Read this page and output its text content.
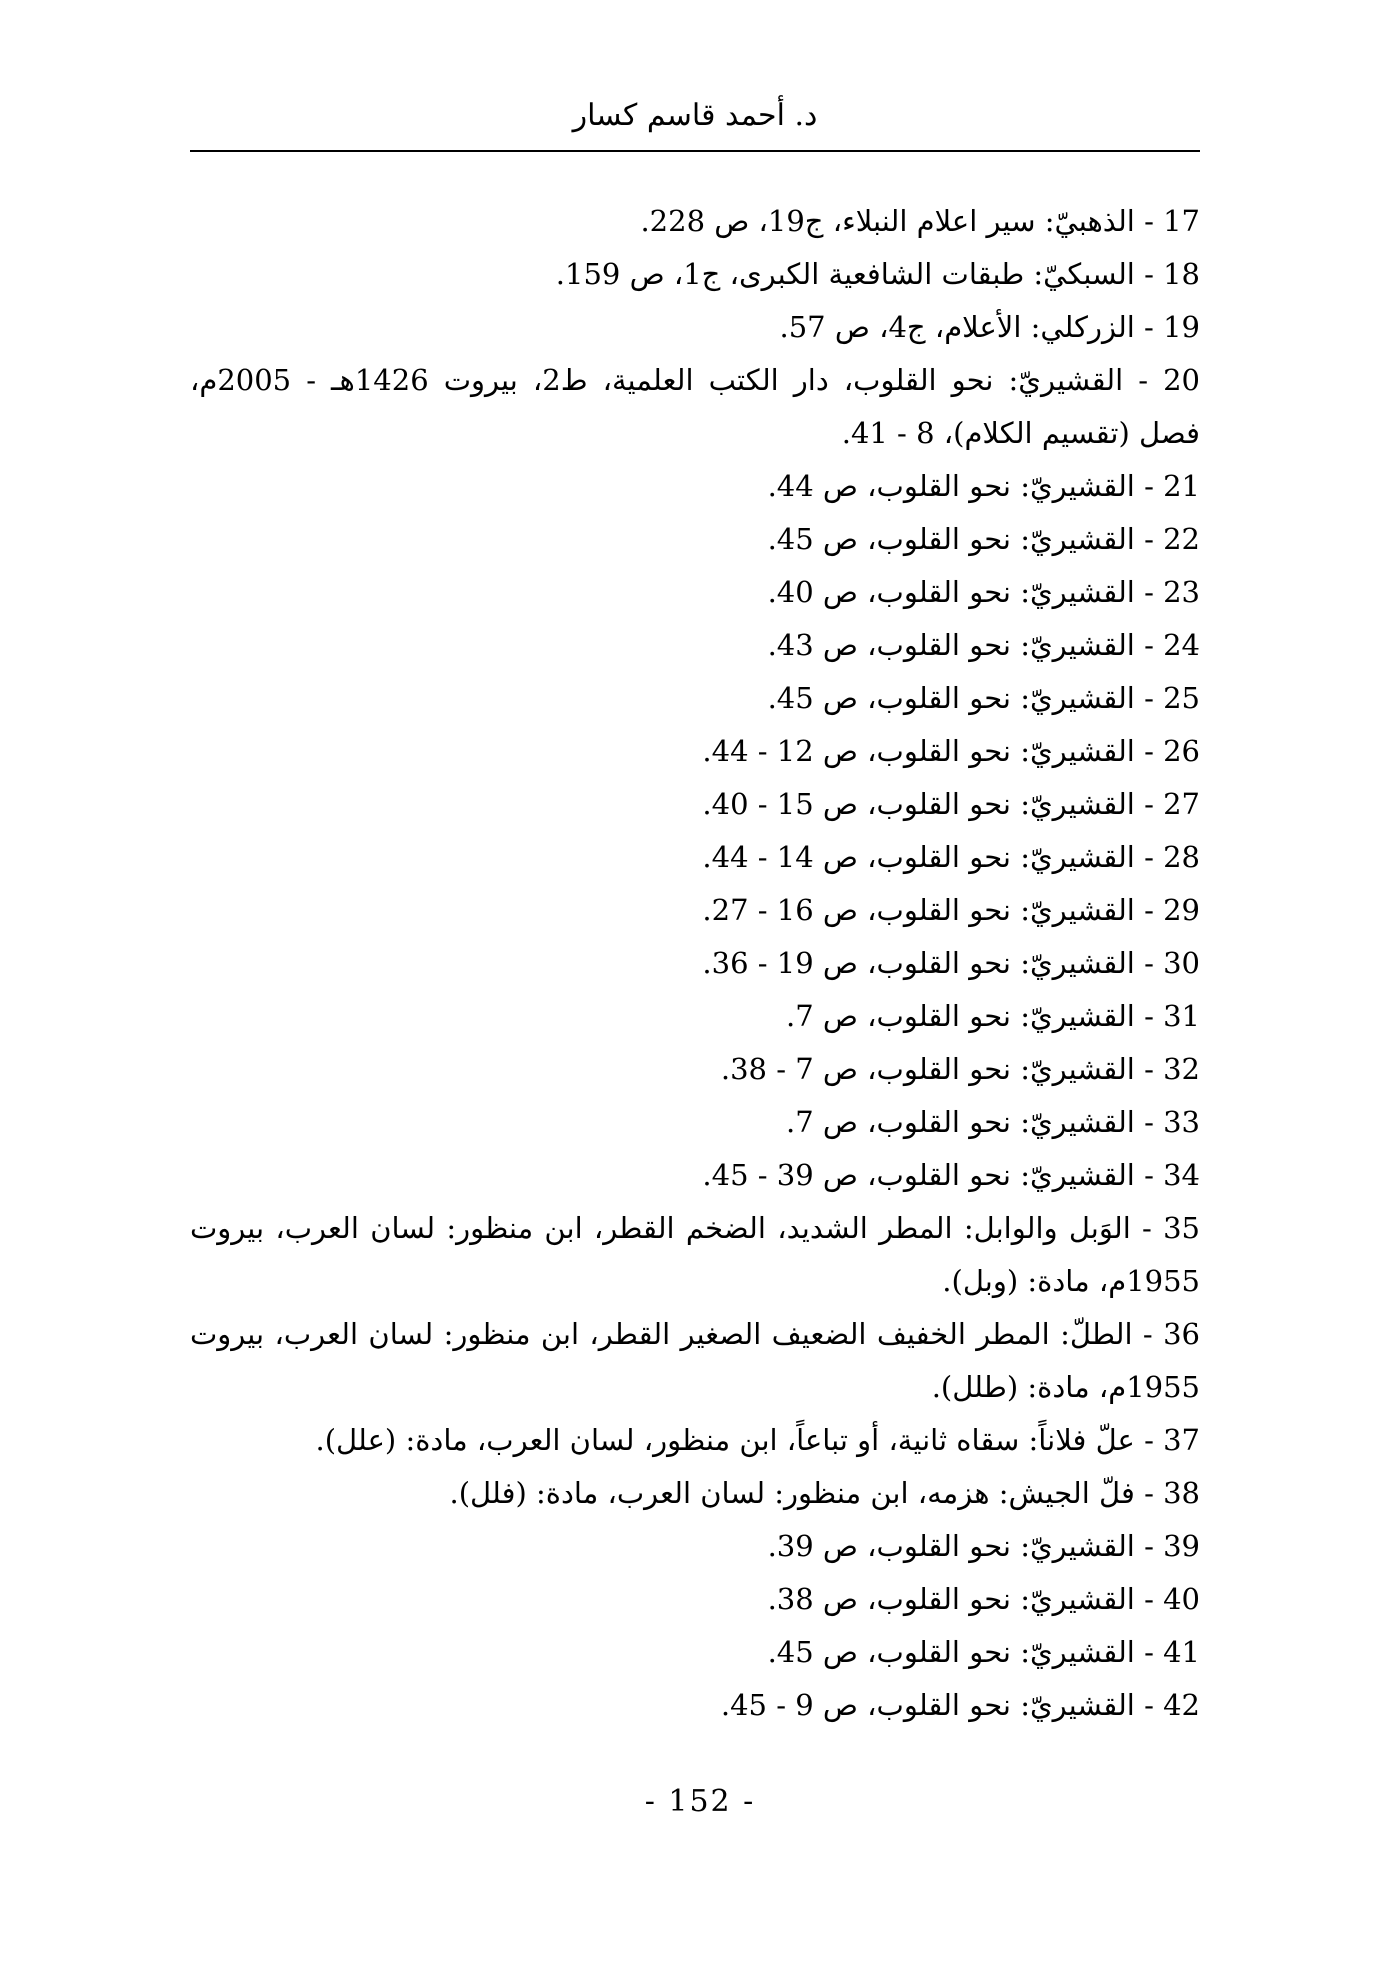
د. أحمد قاسم كسار

17 - الذهبيّ: سير اعلام النبلاء، ج19، ص 228.

18 - السبكيّ: طبقات الشافعية الكبرى، ج1، ص 159.

19 - الزركلي: الأعلام، ج4، ص 57.

20 - القشيريّ: نحو القلوب، دار الكتب العلمية، ط2، بيروت 1426هـ - 2005م، فصل (تقسيم الكلام)، 8 - 41.

21 - القشيريّ: نحو القلوب، ص 44.

22 - القشيريّ: نحو القلوب، ص 45.

23 - القشيريّ: نحو القلوب، ص 40.

24 - القشيريّ: نحو القلوب، ص 43.

25 - القشيريّ: نحو القلوب، ص 45.

26 - القشيريّ: نحو القلوب، ص 12 - 44.

27 - القشيريّ: نحو القلوب، ص 15 - 40.

28 - القشيريّ: نحو القلوب، ص 14 - 44.

29 - القشيريّ: نحو القلوب، ص 16 - 27.

30 - القشيريّ: نحو القلوب، ص 19 - 36.

31 - القشيريّ: نحو القلوب، ص 7.

32 - القشيريّ: نحو القلوب، ص 7 - 38.

33 - القشيريّ: نحو القلوب، ص 7.

34 - القشيريّ: نحو القلوب، ص 39 - 45.

35 - الوَبل والوابل: المطر الشديد، الضخم القطر، ابن منظور: لسان العرب، بيروت 1955م، مادة: (وبل).

36 - الطلّ: المطر الخفيف الضعيف الصغير القطر، ابن منظور: لسان العرب، بيروت 1955م، مادة: (طلل).

37 - علّ فلاناً: سقاه ثانية، أو تباعاً، ابن منظور، لسان العرب، مادة: (علل).

38 - فلّ الجيش: هزمه، ابن منظور: لسان العرب، مادة: (فلل).

39 - القشيريّ: نحو القلوب، ص 39.

40 - القشيريّ: نحو القلوب، ص 38.

41 - القشيريّ: نحو القلوب، ص 45.

42 - القشيريّ: نحو القلوب، ص 9 - 45.

- 152 -
